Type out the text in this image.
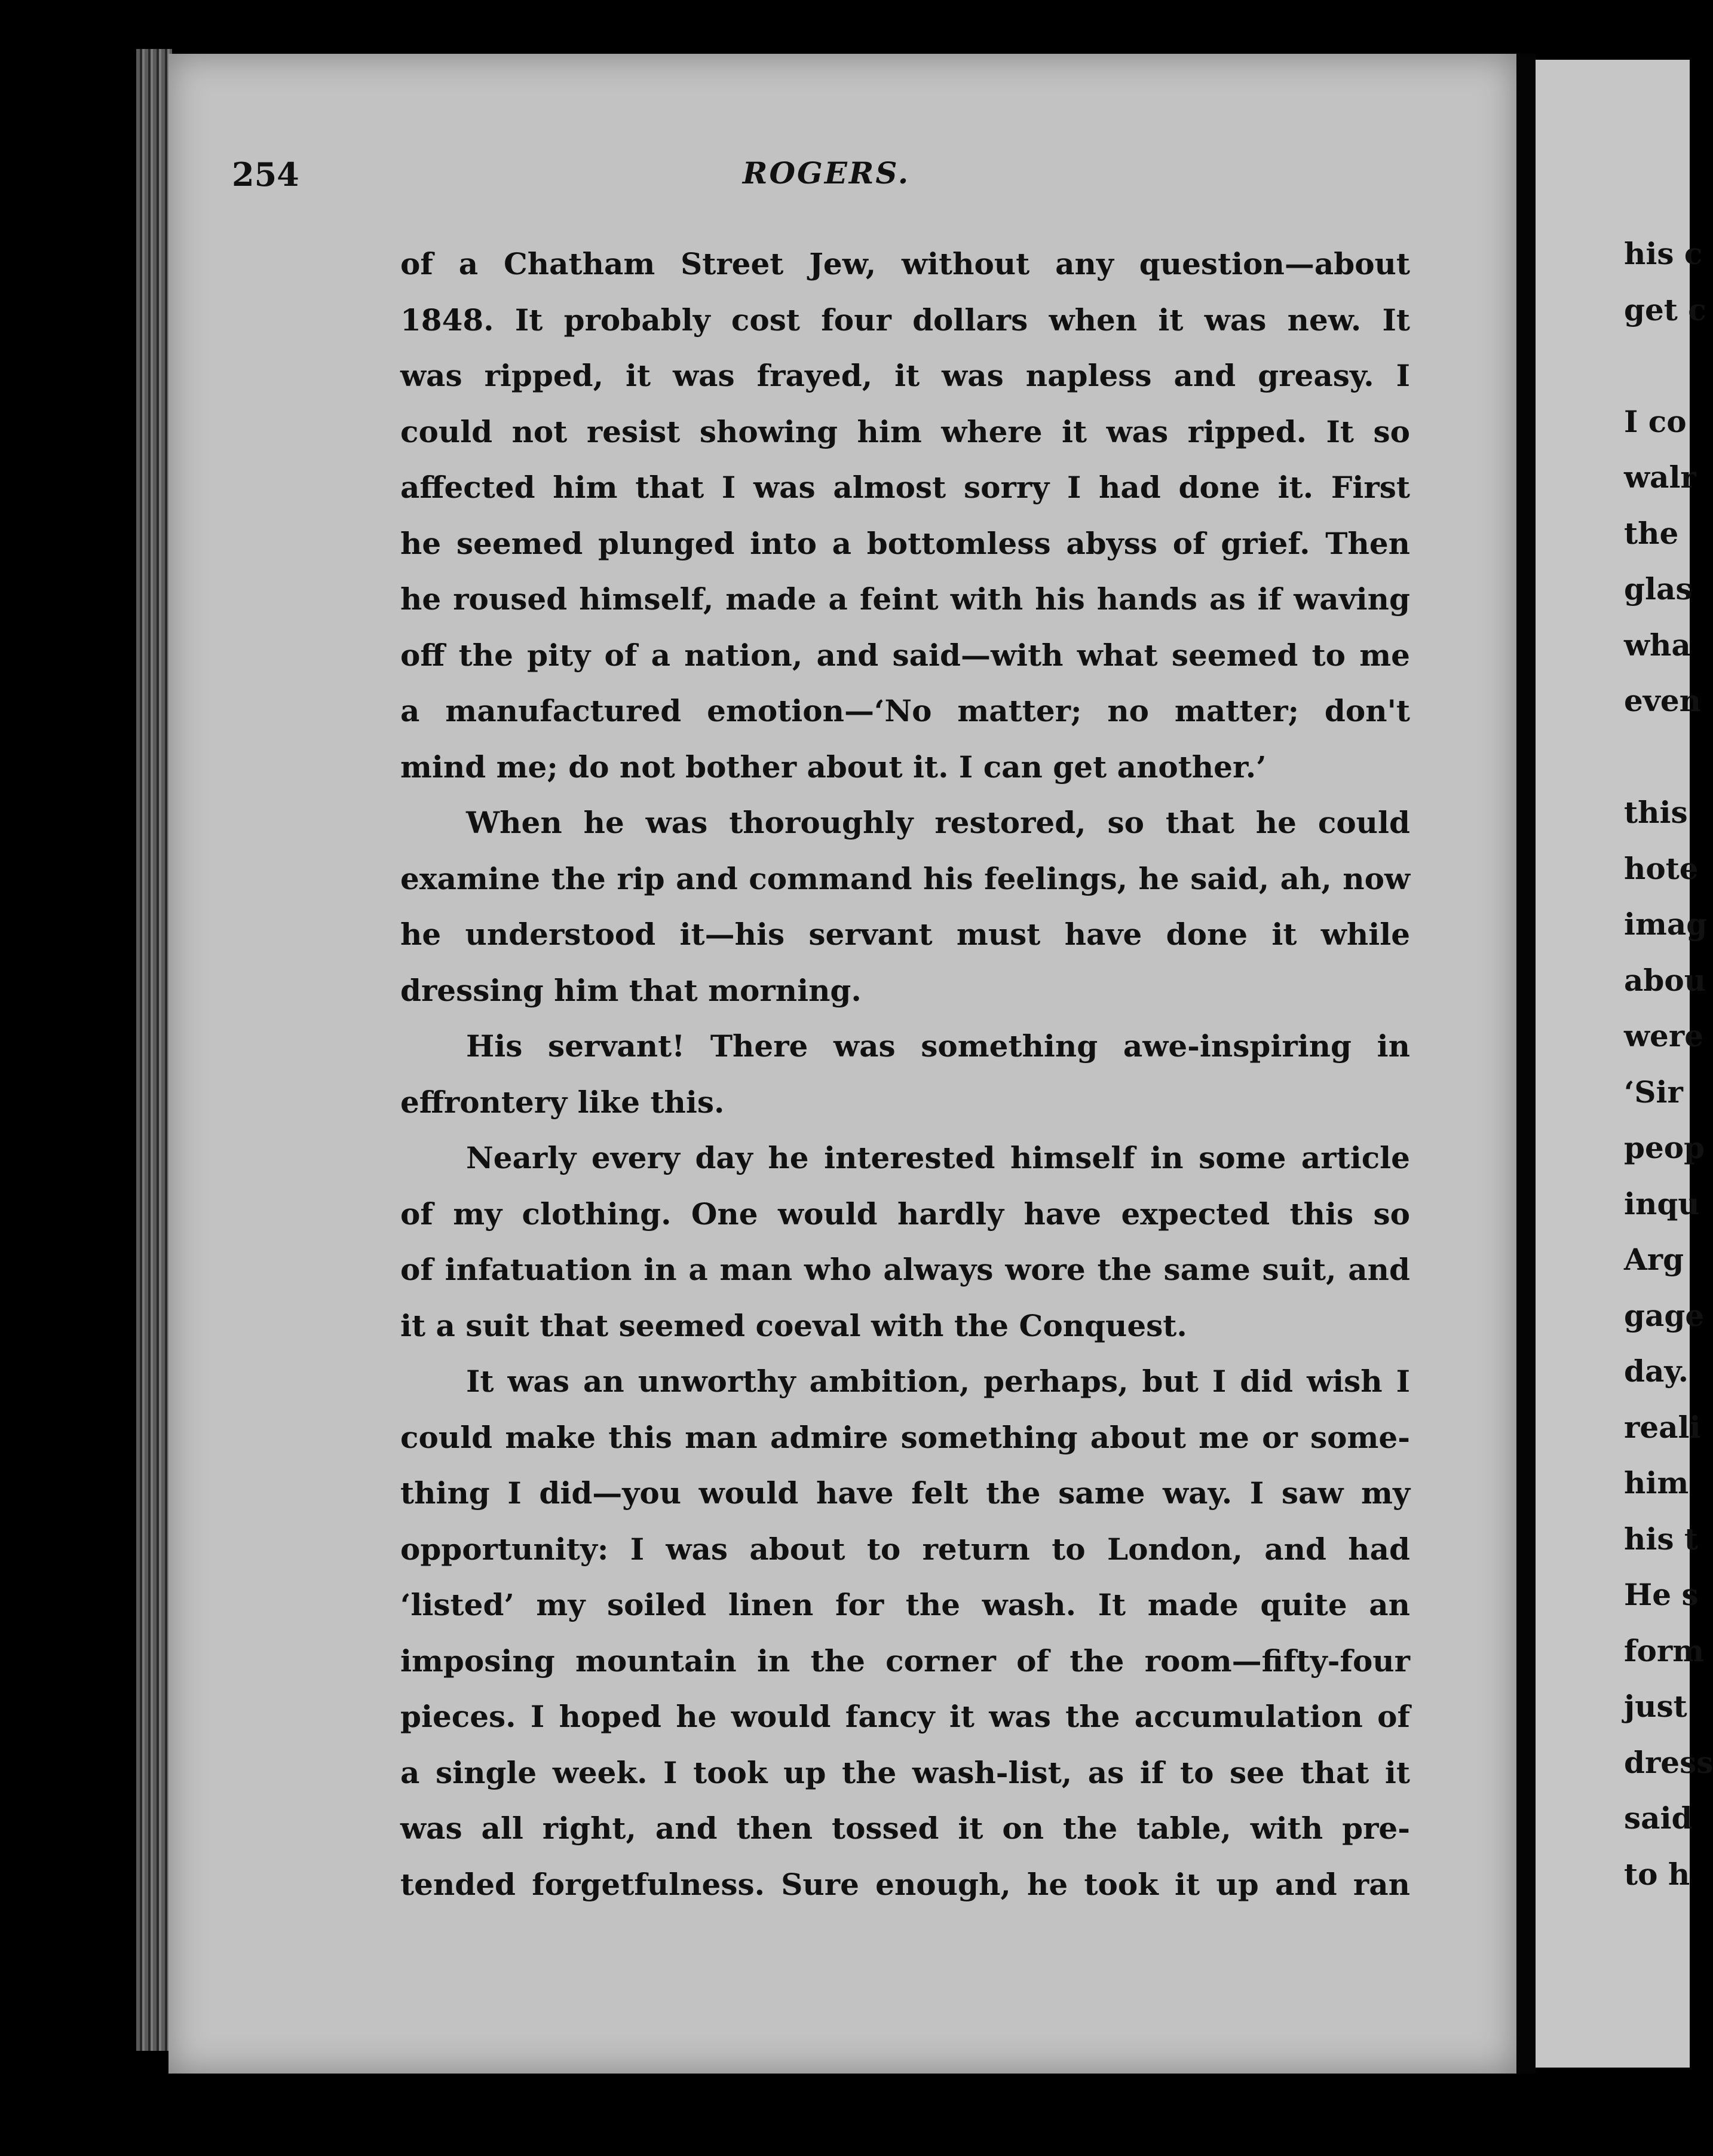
his c
get c
I co
walr
the
glas
wha
even
this
hote
imag
abou
were
‘Sir
peop
inqu
Arg
gage
day.
reali
him
his t
He s
form
just
dress
said
to h
254	ROGERS.
of a Chatham Street Jew, without any question—about
1848. It probably cost four dollars when it was new. It
was ripped, it was frayed, it was napless and greasy. I
could not resist showing him where it was ripped. It so
affected him that I was almost sorry I had done it. First
he seemed plunged into a bottomless abyss of grief. Then
he roused himself, made a feint with his hands as if waving
off the pity of a nation, and said—with what seemed to me
a manufactured emotion—‘No matter; no matter; don't
mind me; do not bother about it. I can get another.’
When he was thoroughly restored, so that he could
examine the rip and command his feelings, he said, ah, now
he understood it—his servant must have done it while
dressing him that morning.
His servant! There was something awe-inspiring in
effrontery like this.
Nearly every day he interested himself in some article
of my clothing. One would hardly have expected this so
of infatuation in a man who always wore the same suit, and
it a suit that seemed coeval with the Conquest.
It was an unworthy ambition, perhaps, but I did wish I
could make this man admire something about me or some-
thing I did—you would have felt the same way. I saw my
opportunity: I was about to return to London, and had
‘listed’ my soiled linen for the wash. It made quite an
imposing mountain in the corner of the room—fifty-four
pieces. I hoped he would fancy it was the accumulation of
a single week. I took up the wash-list, as if to see that it
was all right, and then tossed it on the table, with pre-
tended forgetfulness. Sure enough, he took it up and ran
